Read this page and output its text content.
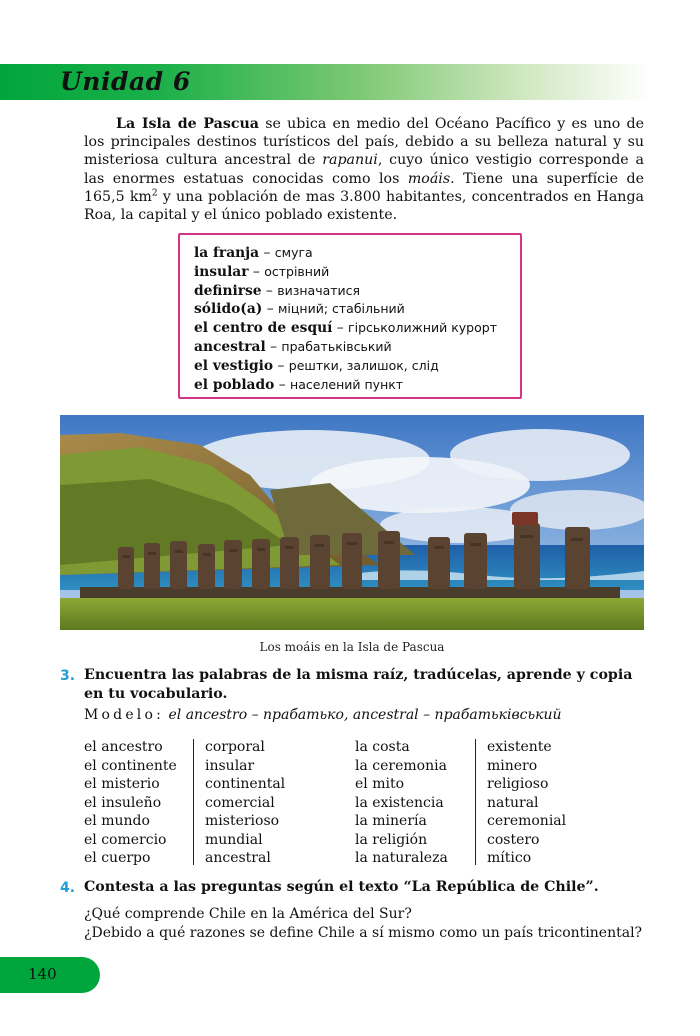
Unidad 6

La Isla de Pascua se ubica en medio del Océano Pacífico y es uno de los principales destinos turísticos del país, debido a su belleza natural y su misteriosa cultura ancestral de rapanui, cuyo único vestigio corresponde a las enormes estatuas conocidas como los moáis. Tiene una superfície de 165,5 $km^2$ y una población de mas 3.800 habitantes, concentrados en Hanga Roa, la capital y el único poblado existente.

la franja – смуга
insular – острівний
definirse – визначатися
sólido(a) – міцний; стабільний
el centro de esquí – гірськолижний курорт
ancestral – прабатьківський
el vestigio – рештки, залишок, слід
el poblado – населений пункт
Los moáis en la Isla de Pascua
3. Encuentra las palabras de la misma raíz, tradúcelas, aprende y copia en tu vocabulario.

Modelo: el ancestro – прабатько, ancestral – прабатьківський
el ancestro
el continente
el misterio
el insuleño
el mundo
el comercio
el cuerpo
corporal
insular
continental
comercial
misterioso
mundial
ancestral
la costa
la ceremonia
el mito
la existencia
la minería
la religión
la naturaleza
existente
minero
religioso
natural
ceremonial
costero
mítico
4. Contesta a las preguntas según el texto “La República de Chile”.

¿Qué comprende Chile en la América del Sur?
¿Debido a qué razones se define Chile a sí mismo como un país tricontinental?
140
